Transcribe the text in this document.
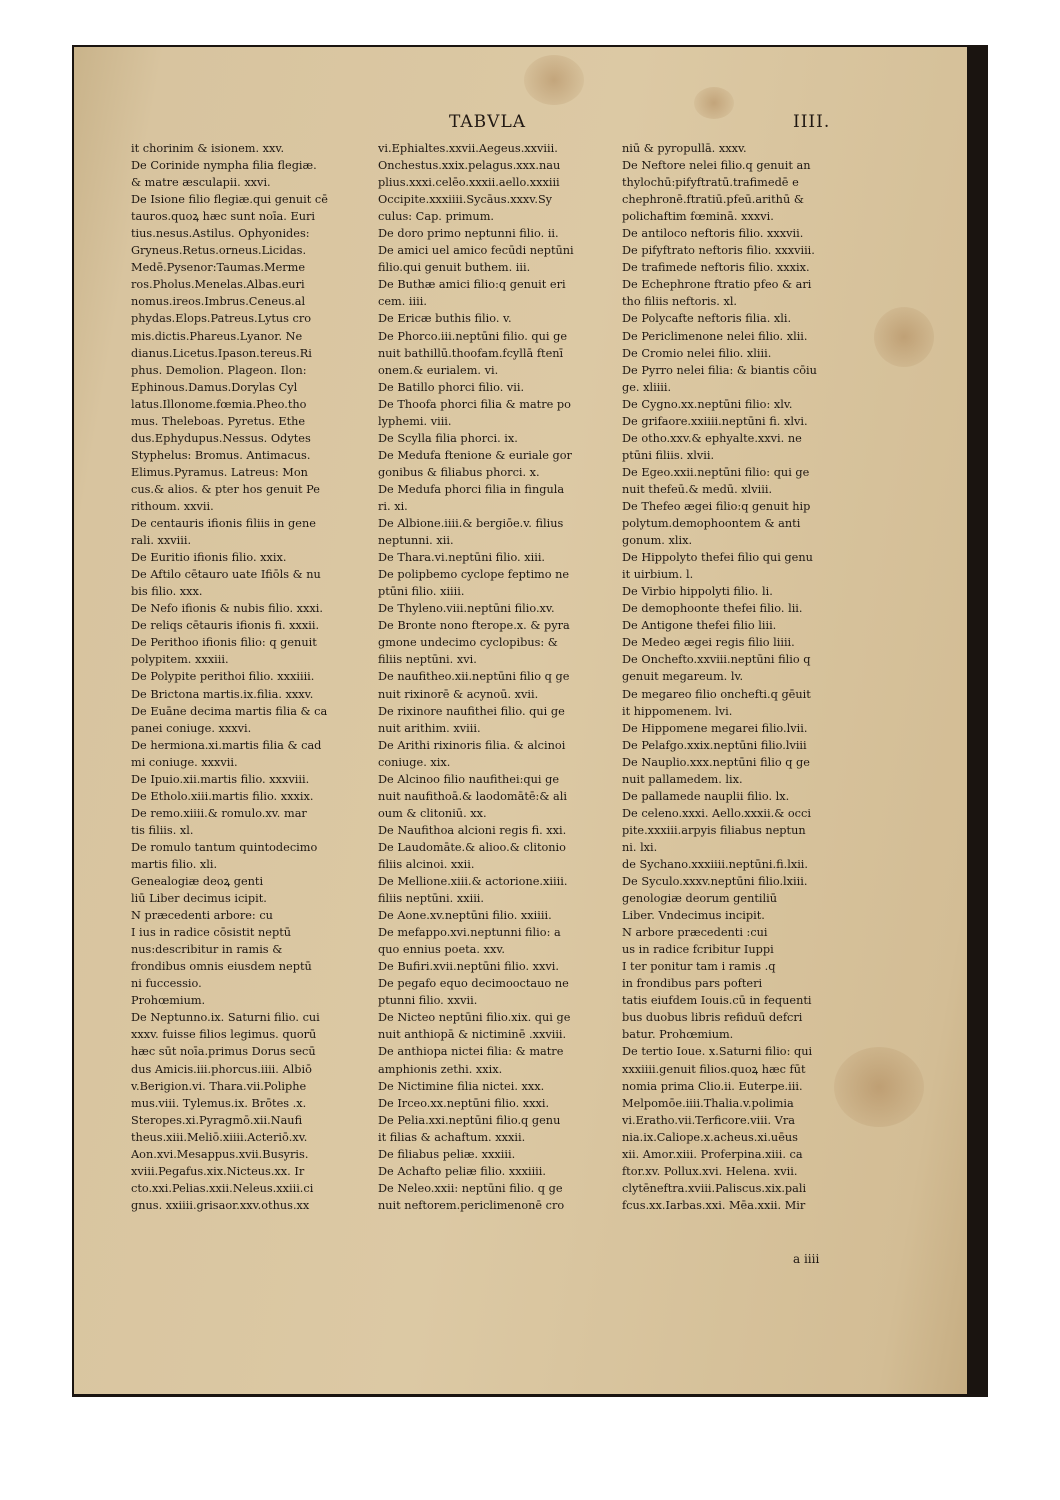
TABVLA	IIII.
it chorinim & isionem. xxv.
De Corinide nympha filia flegiæ.
& matre æsculapii. xxvi.
De Isione filio flegiæ.qui genuit cē
tauros.quoꝝ hæc sunt noīa. Euri
tius.nesus.Astilus. Ophyonides:
Gryneus.Retus.orneus.Licidas.
Medē.Pysenor:Taumas.Merme
ros.Pholus.Menelas.Albas.euri
nomus.ireos.Imbrus.Ceneus.al
phydas.Elops.Patreus.Lytus cro
mis.dictis.Phareus.Lyanor. Ne
dianus.Licetus.Ipason.tereus.Ri
phus. Demolion. Plageon. Ilon:
Ephinous.Damus.Dorylas Cyl
latus.Illonome.fœmia.Pheo.tho
mus. Theleboas. Pyretus. Ethe
dus.Ephydupus.Nessus. Odytes
Styphelus: Bromus. Antimacus.
Elimus.Pyramus. Latreus: Mon
cus.& alios. & pter hos genuit Pe
rithoum. xxvii.
De centauris ifionis filiis in gene
rali. xxviii.
De Euritio ifionis filio. xxix.
De Aftilo cētauro uate Ifiōls & nu
bis filio. xxx.
De Nefo ifionis & nubis filio. xxxi.
De reliqs cētauris ifionis fi. xxxii.
De Perithoo ifionis filio: q genuit
polypitem. xxxiii.
De Polypite perithoi filio. xxxiiii.
De Brictona martis.ix.filia. xxxv.
De Euāne decima martis filia & ca
panei coniuge. xxxvi.
De hermiona.xi.martis filia & cad
mi coniuge. xxxvii.
De Ipuio.xii.martis filio. xxxviii.
De Etholo.xiii.martis filio. xxxix.
De remo.xiiii.& romulo.xv. mar
tis filiis. xl.
De romulo tantum quintodecimo
martis filio. xli.
Genealogiæ deoꝝ genti
liū Liber decimus icipit.
N præcedenti arbore: cu
I ius in radice cōsistit neptū
nus:describitur in ramis &
frondibus omnis eiusdem neptū
ni fuccessio.
Prohœmium.
De Neptunno.ix. Saturni filio. cui
xxxv. fuisse filios legimus. quorū
hæc sūt noīa.primus Dorus secū
dus Amicis.iii.phorcus.iiii. Albiō
v.Berigion.vi. Thara.vii.Poliphe
mus.viii. Tylemus.ix. Brōtes .x.
Steropes.xi.Pyragmō.xii.Naufi
theus.xiii.Meliō.xiiii.Acteriō.xv.
Aon.xvi.Mesappus.xvii.Busyris.
xviii.Pegafus.xix.Nicteus.xx. Ir
cto.xxi.Pelias.xxii.Neleus.xxiii.ci
gnus. xxiiii.grisaor.xxv.othus.xx
vi.Ephialtes.xxvii.Aegeus.xxviii.
Onchestus.xxix.pelagus.xxx.nau
plius.xxxi.celēo.xxxii.aello.xxxiii
Occipite.xxxiiii.Sycāus.xxxv.Sy
culus: Cap. primum.
De doro primo neptunni filio. ii.
De amici uel amico fecūdi neptūni
filio.qui genuit buthem. iii.
De Buthæ amici filio:q genuit eri
cem. iiii.
De Ericæ buthis filio. v.
De Phorco.iii.neptūni filio. qui ge
nuit bathillū.thoofam.fcyllā ftenī
onem.& eurialem. vi.
De Batillo phorci filio. vii.
De Thoofa phorci filia & matre po
lyphemi. viii.
De Scylla filia phorci. ix.
De Medufa ftenione & euriale gor
gonibus & filiabus phorci. x.
De Medufa phorci filia in fingula
ri. xi.
De Albione.iiii.& bergiōe.v. filius
neptunni. xii.
De Thara.vi.neptūni filio. xiii.
De polipbemo cyclope feptimo ne
ptūni filio. xiiii.
De Thyleno.viii.neptūni filio.xv.
De Bronte nono fterope.x. & pyra
gmone undecimo cyclopibus: &
filiis neptūni. xvi.
De naufitheo.xii.neptūni filio q ge
nuit rixinorē & acynoū. xvii.
De rixinore naufithei filio. qui ge
nuit arithim. xviii.
De Arithi rixinoris filia. & alcinoi
coniuge. xix.
De Alcinoo filio naufithei:qui ge
nuit naufithoā.& laodomātē:& ali
oum & clitoniū. xx.
De Naufithoa alcioni regis fi. xxi.
De Laudomāte.& alioo.& clitonio
filiis alcinoi. xxii.
De Mellione.xiii.& actorione.xiiii.
filiis neptūni. xxiii.
De Aone.xv.neptūni filio. xxiiii.
De mefappo.xvi.neptunni filio: a
quo ennius poeta. xxv.
De Bufiri.xvii.neptūni filio. xxvi.
De pegafo equo decimooctauo ne
ptunni filio. xxvii.
De Nicteo neptūni filio.xix. qui ge
nuit anthiopā & nictiminē .xxviii.
De anthiopa nictei filia: & matre
amphionis zethi. xxix.
De Nictimine filia nictei. xxx.
De Irceo.xx.neptūni filio. xxxi.
De Pelia.xxi.neptūni filio.q genu
it filias & achaftum. xxxii.
De filiabus peliæ. xxxiii.
De Achafto peliæ filio. xxxiiii.
De Neleo.xxii: neptūni filio. q ge
nuit neftorem.periclimenonē cro
niū & pyropullā. xxxv.
De Neftore nelei filio.q genuit an
thylochū:pifyftratū.trafimedē e
chephronē.ftratiū.pfeū.arithū &
polichaftim fœminā. xxxvi.
De antiloco neftoris filio. xxxvii.
De pifyftrato neftoris filio. xxxviii.
De trafimede neftoris filio. xxxix.
De Echephrone ftratio pfeo & ari
tho filiis neftoris. xl.
De Polycafte neftoris filia. xli.
De Periclimenone nelei filio. xlii.
De Cromio nelei filio. xliii.
De Pyrro nelei filia: & biantis cōiu
ge. xliiii.
De Cygno.xx.neptūni filio: xlv.
De grifaore.xxiiii.neptūni fi. xlvi.
De otho.xxv.& ephyalte.xxvi. ne
ptūni filiis. xlvii.
De Egeo.xxii.neptūni filio: qui ge
nuit thefeū.& medū. xlviii.
De Thefeo ægei filio:q genuit hip
polytum.demophoontem & anti
gonum. xlix.
De Hippolyto thefei filio qui genu
it uirbium. l.
De Virbio hippolyti filio. li.
De demophoonte thefei filio. lii.
De Antigone thefei filio liii.
De Medeo ægei regis filio liiii.
De Onchefto.xxviii.neptūni filio q
genuit megareum. lv.
De megareo filio onchefti.q gēuit
it hippomenem. lvi.
De Hippomene megarei filio.lvii.
De Pelafgo.xxix.neptūni filio.lviii
De Nauplio.xxx.neptūni filio q ge
nuit pallamedem. lix.
De pallamede nauplii filio. lx.
De celeno.xxxi. Aello.xxxii.& occi
pite.xxxiii.arpyis filiabus neptun
ni. lxi.
de Sychano.xxxiiii.neptūni.fi.lxii.
De Syculo.xxxv.neptūni filio.lxiii.
genologiæ deorum gentiliū
Liber. Vndecimus incipit.
N arbore præcedenti :cui
us in radice fcribitur Iuppi
I ter ponitur tam i ramis .q
in frondibus pars pofteri
tatis eiufdem Iouis.cū in fequenti
bus duobus libris refiduū defcri
batur. Prohœmium.
De tertio Ioue. x.Saturni filio: qui
xxxiiii.genuit filios.quoꝝ hæc fūt
nomia prima Clio.ii. Euterpe.iii.
Melpomōe.iiii.Thalia.v.polimia
vi.Eratho.vii.Terficore.viii. Vra
nia.ix.Caliope.x.acheus.xi.uēus
xii. Amor.xiii. Proferpina.xiii. ca
ftor.xv. Pollux.xvi. Helena. xvii.
clytēneftra.xviii.Paliscus.xix.pali
fcus.xx.Iarbas.xxi. Mēa.xxii. Mir
a iiii
